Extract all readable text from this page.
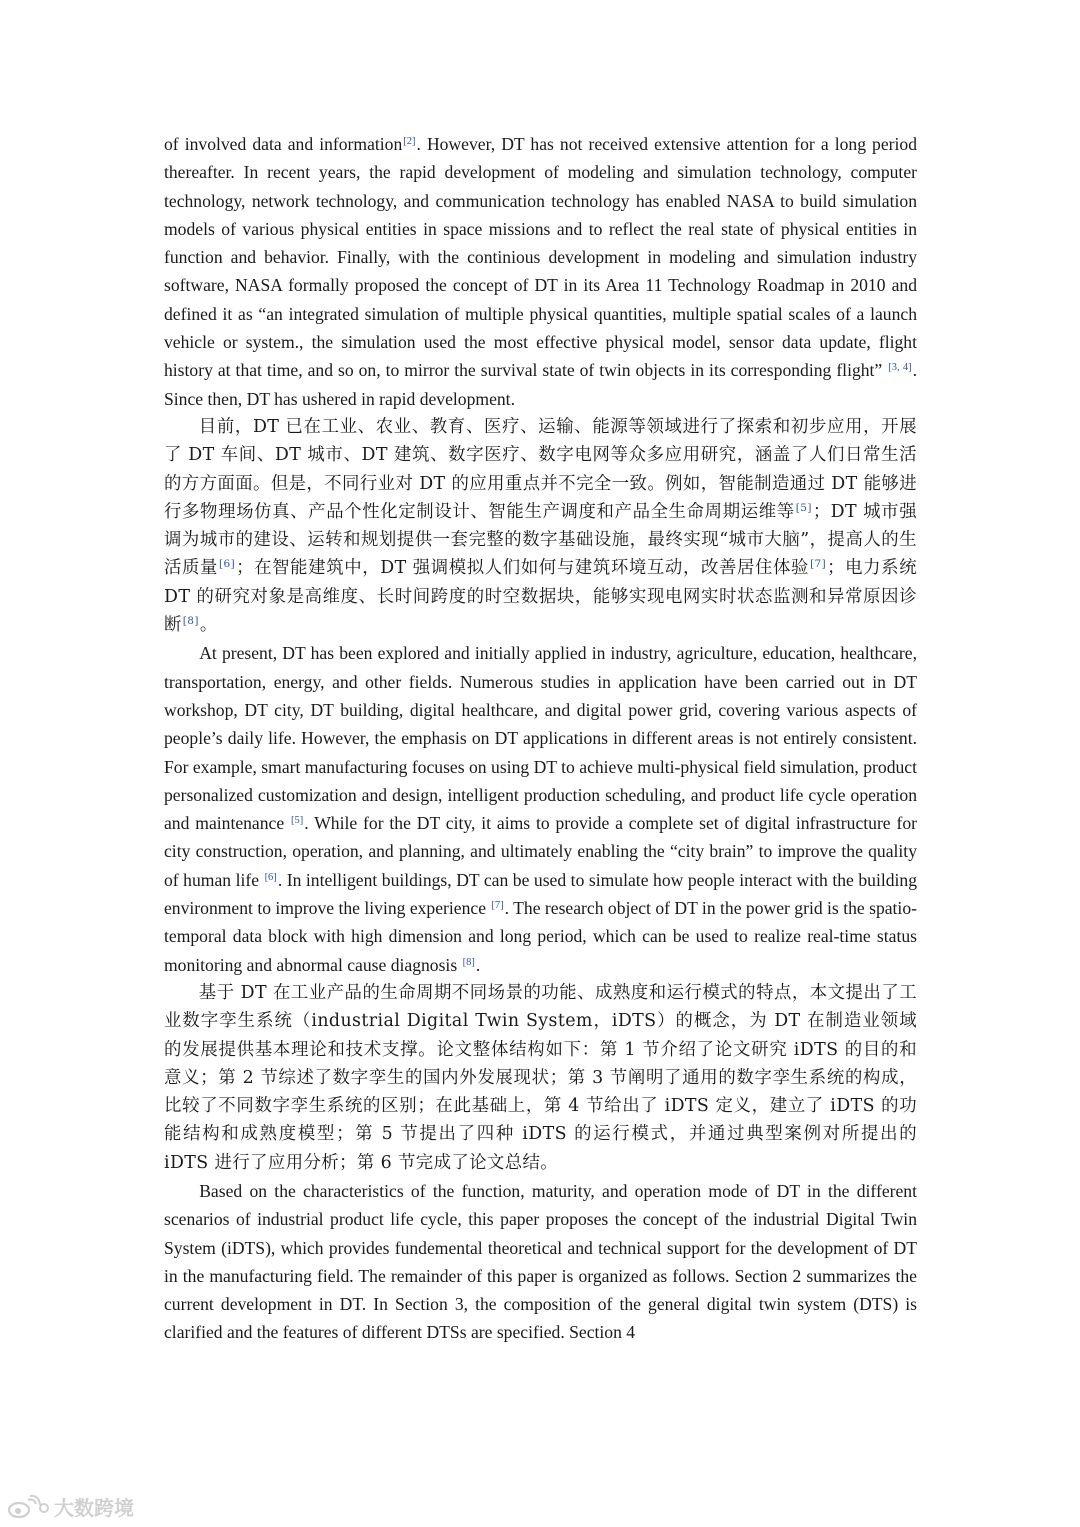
of involved data and information[2]. However, DT has not received extensive attention for a long period thereafter. In recent years, the rapid development of modeling and simulation technology, computer technology, network technology, and communication technology has enabled NASA to build simulation models of various physical entities in space missions and to reflect the real state of physical entities in function and behavior. Finally, with the continious development in modeling and simulation industry software, NASA formally proposed the concept of DT in its Area 11 Technology Roadmap in 2010 and defined it as “an integrated simulation of multiple physical quantities, multiple spatial scales of a launch vehicle or system., the simulation used the most effective physical model, sensor data update, flight history at that time, and so on, to mirror the survival state of twin objects in its corresponding flight” [3, 4]. Since then, DT has ushered in rapid development.

目前，DT 已在工业、农业、教育、医疗、运输、能源等领域进行了探索和初步应用，开展了 DT 车间、DT 城市、DT 建筑、数字医疗、数字电网等众多应用研究，涵盖了人们日常生活的方方面面。但是，不同行业对 DT 的应用重点并不完全一致。例如，智能制造通过 DT 能够进行多物理场仿真、产品个性化定制设计、智能生产调度和产品全生命周期运维等[5]；DT 城市强调为城市的建设、运转和规划提供一套完整的数字基础设施，最终实现“城市大脑”，提高人的生活质量[6]；在智能建筑中，DT 强调模拟人们如何与建筑环境互动，改善居住体验[7]；电力系统 DT 的研究对象是高维度、长时间跨度的时空数据块，能够实现电网实时状态监测和异常原因诊断[8]。

At present, DT has been explored and initially applied in industry, agriculture, education, healthcare, transportation, energy, and other fields. Numerous studies in application have been carried out in DT workshop, DT city, DT building, digital healthcare, and digital power grid, covering various aspects of people’s daily life. However, the emphasis on DT applications in different areas is not entirely consistent. For example, smart manufacturing focuses on using DT to achieve multi-physical field simulation, product personalized customization and design, intelligent production scheduling, and product life cycle operation and maintenance [5]. While for the DT city, it aims to provide a complete set of digital infrastructure for city construction, operation, and planning, and ultimately enabling the “city brain” to improve the quality of human life [6]. In intelligent buildings, DT can be used to simulate how people interact with the building environment to improve the living experience [7]. The research object of DT in the power grid is the spatio-temporal data block with high dimension and long period, which can be used to realize real-time status monitoring and abnormal cause diagnosis [8].

基于 DT 在工业产品的生命周期不同场景的功能、成熟度和运行模式的特点，本文提出了工业数字孪生系统（industrial Digital Twin System，iDTS）的概念，为 DT 在制造业领域的发展提供基本理论和技术支撑。论文整体结构如下：第 1 节介绍了论文研究 iDTS 的目的和意义；第 2 节综述了数字孪生的国内外发展现状；第 3 节阐明了通用的数字孪生系统的构成，比较了不同数字孪生系统的区别；在此基础上，第 4 节给出了 iDTS 定义，建立了 iDTS 的功能结构和成熟度模型；第 5 节提出了四种 iDTS 的运行模式，并通过典型案例对所提出的 iDTS 进行了应用分析；第 6 节完成了论文总结。

Based on the characteristics of the function, maturity, and operation mode of DT in the different scenarios of industrial product life cycle, this paper proposes the concept of the industrial Digital Twin System (iDTS), which provides fundemental theoretical and technical support for the development of DT in the manufacturing field. The remainder of this paper is organized as follows. Section 2 summarizes the current development in DT. In Section 3, the composition of the general digital twin system (DTS) is clarified and the features of different DTSs are specified. Section 4

大数跨境
